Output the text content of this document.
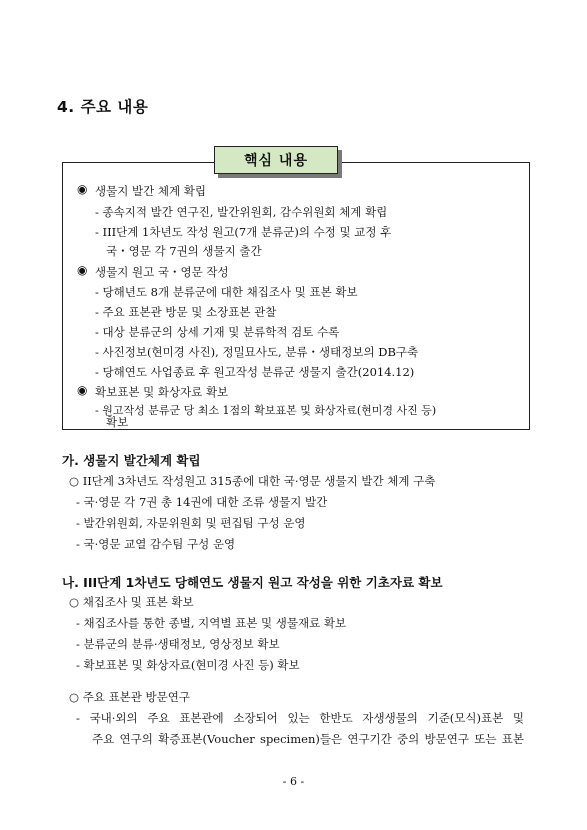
4. 주요 내용
핵심 내용
◉ 생물지 발간 체계 확립
- 종속지적 발간 연구진, 발간위원회, 감수위원회 체계 확립
- III단계 1차년도 작성 원고(7개 분류군)의 수정 및 교정 후
국・영문 각 7권의 생물지 출간
◉ 생물지 원고 국・영문 작성
- 당해년도 8개 분류군에 대한 채집조사 및 표본 확보
- 주요 표본관 방문 및 소장표본 관찰
- 대상 분류군의 상세 기재 및 분류학적 검토 수록
- 사진정보(현미경 사진), 정밀묘사도, 분류・생태정보의 DB구축
- 당해연도 사업종료 후 원고작성 분류군 생물지 출간(2014.12)
◉ 확보표본 및 화상자료 확보
- 원고작성 분류군 당 최소 1점의 확보표본 및 화상자료(현미경 사진 등)
확보
가. 생물지 발간체계 확립
○ II단계 3차년도 작성원고 315종에 대한 국·영문 생물지 발간 체계 구축
- 국·영문 각 7권 총 14권에 대한 조류 생물지 발간
- 발간위원회, 자문위원회 및 편집팀 구성 운영
- 국·영문 교열 감수팀 구성 운영
나. III단계 1차년도 당해연도 생물지 원고 작성을 위한 기초자료 확보
○ 채집조사 및 표본 확보
- 채집조사를 통한 종별, 지역별 표본 및 생물재료 확보
- 분류군의 분류·생태정보, 영상정보 확보
- 확보표본 및 화상자료(현미경 사진 등) 확보
○ 주요 표본관 방문연구
- 국내·외의 주요 표본관에 소장되어 있는 한반도 자생생물의 기준(모식)표본 및
주요 연구의 확증표본(Voucher specimen)들은 연구기간 중의 방문연구 또는 표본
- 6 -
